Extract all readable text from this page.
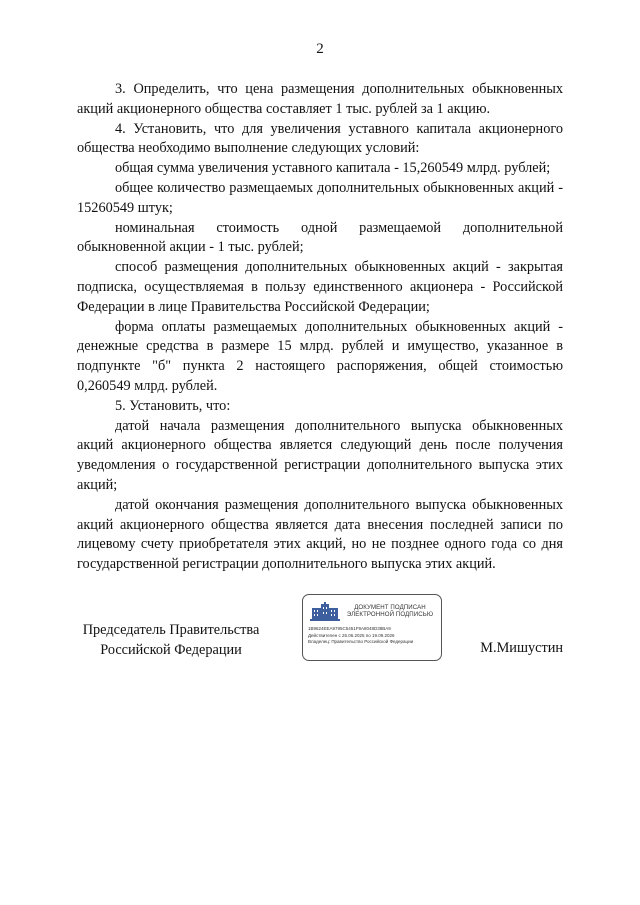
2

3. Определить, что цена размещения дополнительных обыкновенных акций акционерного общества составляет 1 тыс. рублей за 1 акцию.

4. Установить, что для увеличения уставного капитала акционерного общества необходимо выполнение следующих условий:

общая сумма увеличения уставного капитала - 15,260549 млрд. рублей;

общее количество размещаемых дополнительных обыкновенных акций - 15260549 штук;

номинальная стоимость одной размещаемой дополнительной обыкновенной акции - 1 тыс. рублей;

способ размещения дополнительных обыкновенных акций - закрытая подписка, осуществляемая в пользу единственного акционера - Российской Федерации в лице Правительства Российской Федерации;

форма оплаты размещаемых дополнительных обыкновенных акций - денежные средства в размере 15 млрд. рублей и имущество, указанное в подпункте "б" пункта 2 настоящего распоряжения, общей стоимостью 0,260549 млрд. рублей.

5. Установить, что:

датой начала размещения дополнительного выпуска обыкновенных акций акционерного общества является следующий день после получения уведомления о государственной регистрации дополнительного выпуска этих акций;

датой окончания размещения дополнительного выпуска обыкновенных акций акционерного общества является дата внесения последней записи по лицевому счету приобретателя этих акций, но не позднее одного года со дня государственной регистрации дополнительного выпуска этих акций.

Председатель Правительства
Российской Федерации
ДОКУМЕНТ ПОДПИСАН
ЭЛЕКТРОННОЙ ПОДПИСЬЮ
1B9624EEA9795C5451F9A8048D38BA9
Действителен с 26.06.2025 по 19.09.2026
Владелец: Правительство Российской Федерации	М.Мишустин
